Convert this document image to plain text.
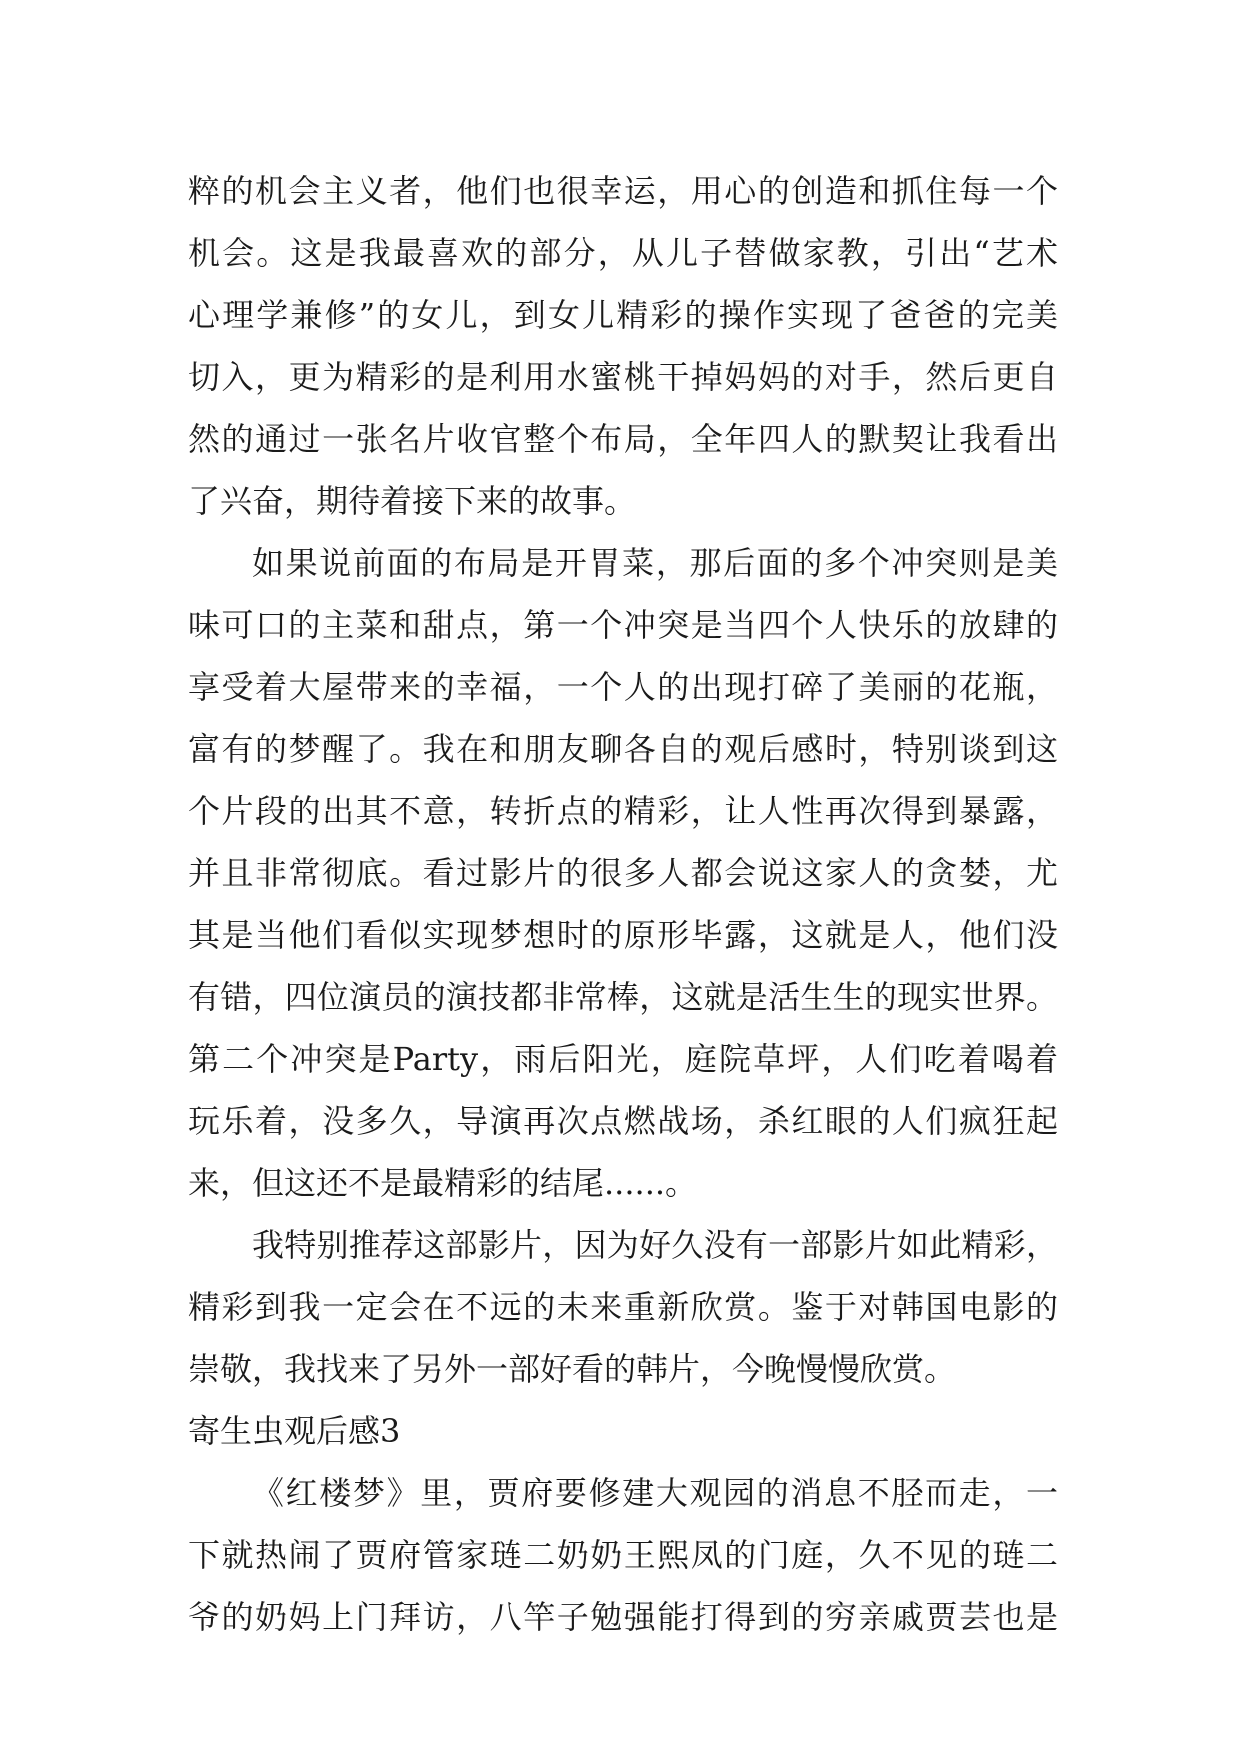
粹的机会主义者，他们也很幸运，用心的创造和抓住每一个
机会。这是我最喜欢的部分，从儿子替做家教，引出“艺术
心理学兼修”的女儿，到女儿精彩的操作实现了爸爸的完美
切入，更为精彩的是利用水蜜桃干掉妈妈的对手，然后更自
然的通过一张名片收官整个布局，全年四人的默契让我看出
了兴奋，期待着接下来的故事。
如果说前面的布局是开胃菜，那后面的多个冲突则是美
味可口的主菜和甜点，第一个冲突是当四个人快乐的放肆的
享受着大屋带来的幸福，一个人的出现打碎了美丽的花瓶，
富有的梦醒了。我在和朋友聊各自的观后感时，特别谈到这
个片段的出其不意，转折点的精彩，让人性再次得到暴露，
并且非常彻底。看过影片的很多人都会说这家人的贪婪，尤
其是当他们看似实现梦想时的原形毕露，这就是人，他们没
有错，四位演员的演技都非常棒，这就是活生生的现实世界。
第二个冲突是Party，雨后阳光，庭院草坪，人们吃着喝着
玩乐着，没多久，导演再次点燃战场，杀红眼的人们疯狂起
来，但这还不是最精彩的结尾......。
我特别推荐这部影片，因为好久没有一部影片如此精彩，
精彩到我一定会在不远的未来重新欣赏。鉴于对韩国电影的
崇敬，我找来了另外一部好看的韩片，今晚慢慢欣赏。
寄生虫观后感3
《红楼梦》里，贾府要修建大观园的消息不胫而走，一
下就热闹了贾府管家琏二奶奶王熙凤的门庭，久不见的琏二
爷的奶妈上门拜访，八竿子勉强能打得到的穷亲戚贾芸也是
